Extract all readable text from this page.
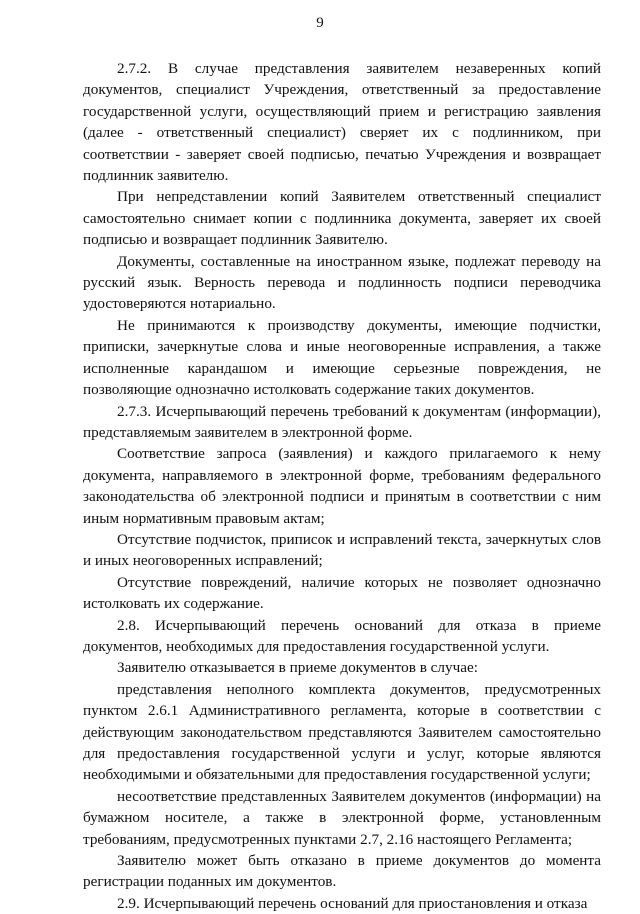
9

2.7.2. В случае представления заявителем незаверенных копий документов, специалист Учреждения, ответственный за предоставление государственной услуги, осуществляющий прием и регистрацию заявления (далее - ответственный специалист) сверяет их с подлинником, при соответствии - заверяет своей подписью, печатью Учреждения и возвращает подлинник заявителю.

При непредставлении копий Заявителем ответственный специалист самостоятельно снимает копии с подлинника документа, заверяет их своей подписью и возвращает подлинник Заявителю.

Документы, составленные на иностранном языке, подлежат переводу на русский язык. Верность перевода и подлинность подписи переводчика удостоверяются нотариально.

Не принимаются к производству документы, имеющие подчистки, приписки, зачеркнутые слова и иные неоговоренные исправления, а также исполненные карандашом и имеющие серьезные повреждения, не позволяющие однозначно истолковать содержание таких документов.

2.7.3. Исчерпывающий перечень требований к документам (информации), представляемым заявителем в электронной форме.

Соответствие запроса (заявления) и каждого прилагаемого к нему документа, направляемого в электронной форме, требованиям федерального законодательства об электронной подписи и принятым в соответствии с ним иным нормативным правовым актам;

Отсутствие подчисток, приписок и исправлений текста, зачеркнутых слов и иных неоговоренных исправлений;

Отсутствие повреждений, наличие которых не позволяет однозначно истолковать их содержание.

2.8. Исчерпывающий перечень оснований для отказа в приеме документов, необходимых для предоставления государственной услуги.

Заявителю отказывается в приеме документов в случае:

представления неполного комплекта документов, предусмотренных пунктом 2.6.1 Административного регламента, которые в соответствии с действующим законодательством представляются Заявителем самостоятельно для предоставления государственной услуги и услуг, которые являются необходимыми и обязательными для предоставления государственной услуги;

несоответствие представленных Заявителем документов (информации) на бумажном носителе, а также в электронной форме, установленным требованиям, предусмотренных пунктами 2.7, 2.16 настоящего Регламента;

Заявителю может быть отказано в приеме документов до момента регистрации поданных им документов.

2.9. Исчерпывающий перечень оснований для приостановления и отказа
